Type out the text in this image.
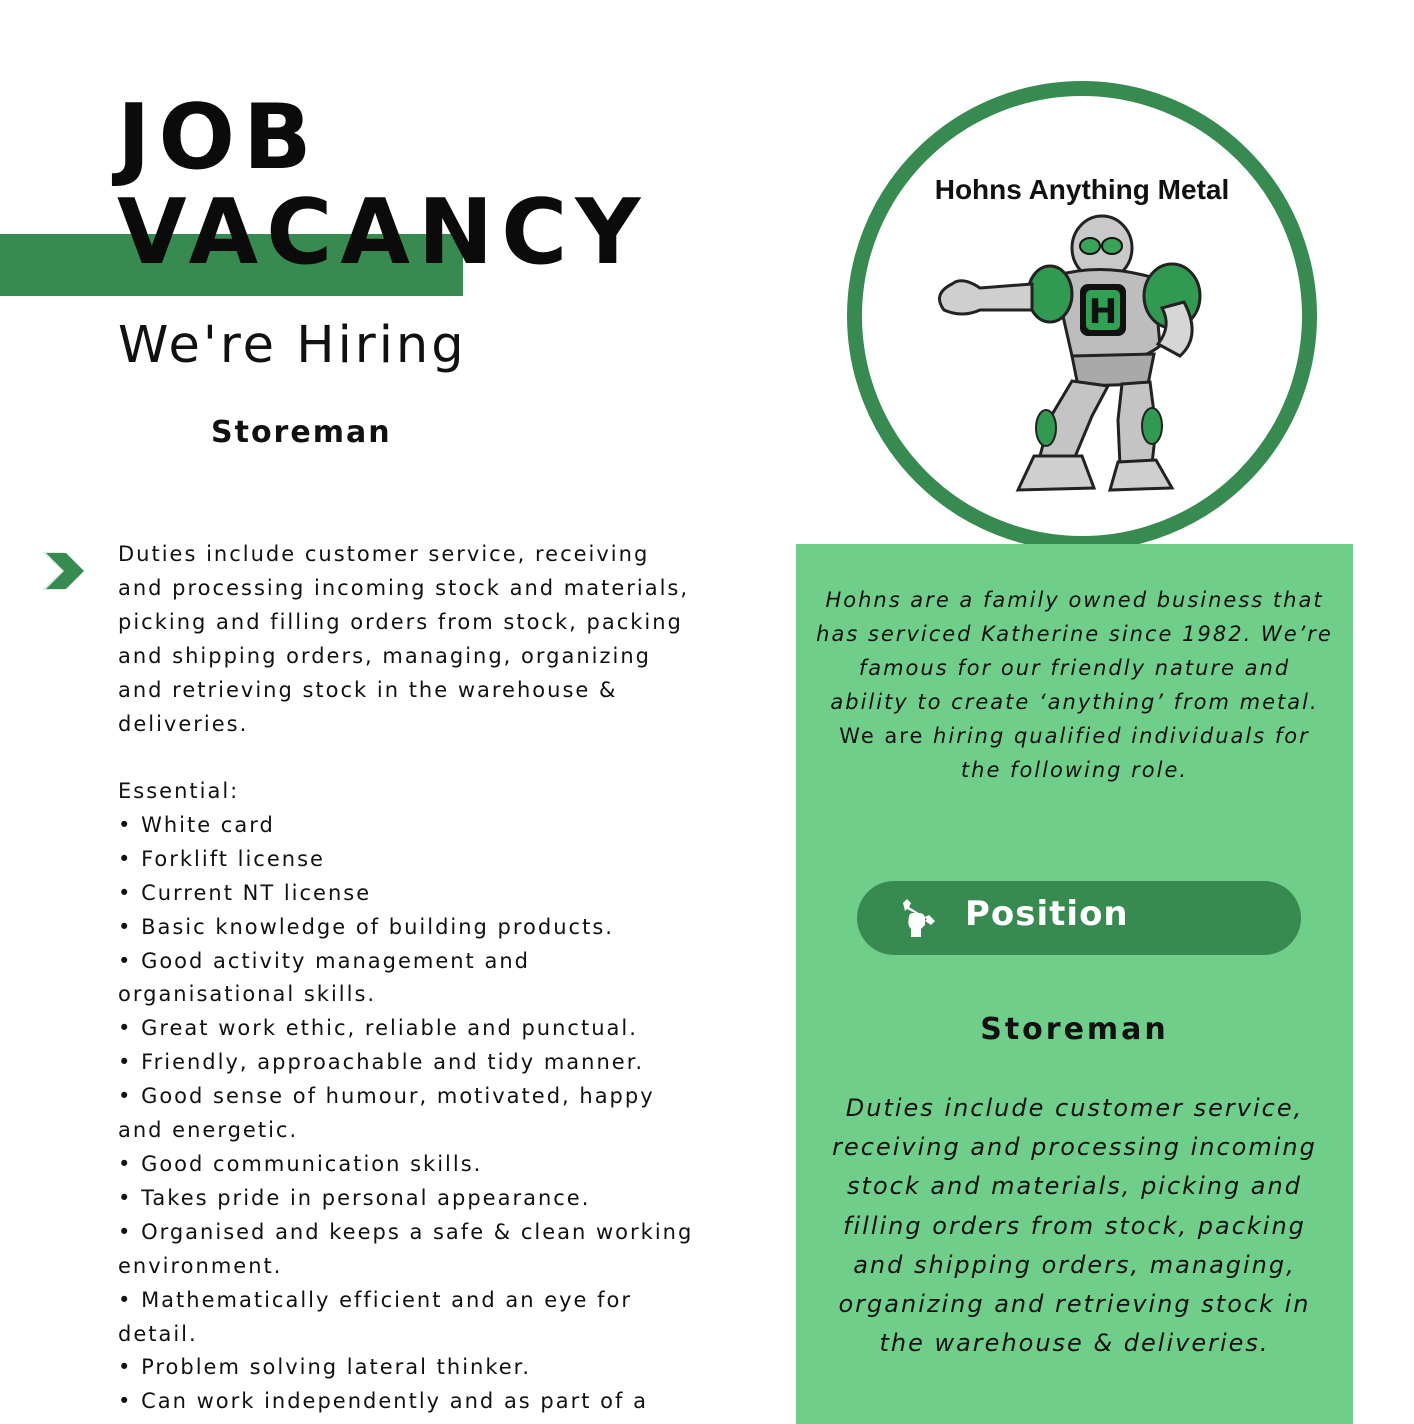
JOB
VACANCY
We're Hiring
Storeman

Duties include customer service, receiving and processing incoming stock and materials, picking and filling orders from stock, packing and shipping orders, managing, organizing and retrieving stock in the warehouse & deliveries.

Essential:
• White card
• Forklift license
• Current NT license
• Basic knowledge of building products.
• Good activity management and organisational skills.
• Great work ethic, reliable and punctual.
• Friendly, approachable and tidy manner.
• Good sense of humour, motivated, happy and energetic.
• Good communication skills.
• Takes pride in personal appearance.
• Organised and keeps a safe & clean working environment.
• Mathematically efficient and an eye for detail.
• Problem solving lateral thinker.
• Can work independently and as part of a
Hohns Anything Metal
H

Hohns are a family owned business that has serviced Katherine since 1982. We’re famous for our friendly nature and ability to create ‘anything’ from metal.
We are hiring qualified individuals for the following role.

Position
Storeman

Duties include customer service, receiving and processing incoming stock and materials, picking and filling orders from stock, packing and shipping orders, managing, organizing and retrieving stock in the warehouse & deliveries.
